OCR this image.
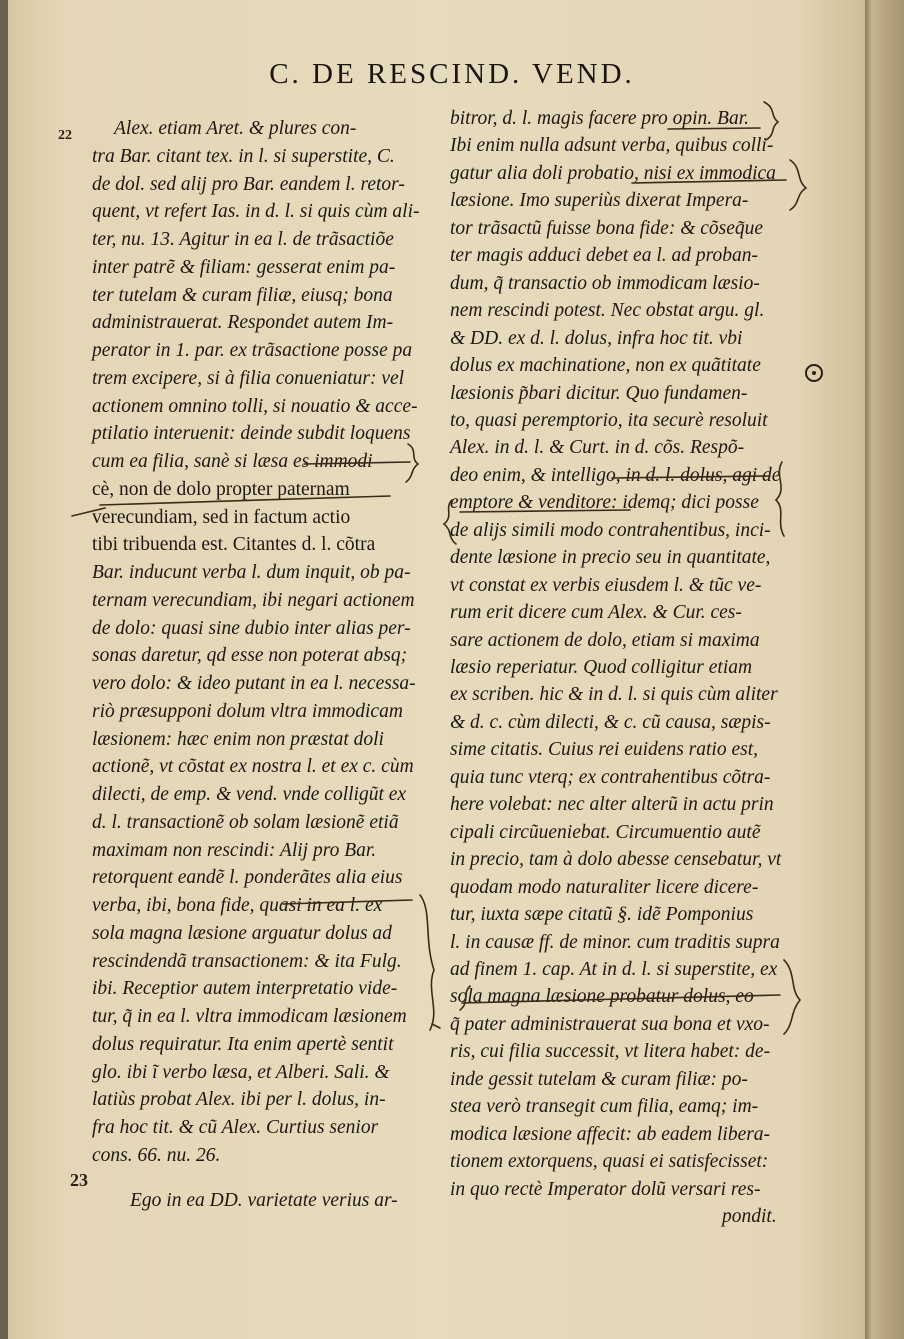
C. DE RESCIND. VEND.
22
23
Alex. etiam Aret. & plures con-
tra Bar. citant tex. in l. si superstite, C.
de dol. sed alij pro Bar. eandem l. retor-
quent, vt refert Ias. in d. l. si quis cùm ali-
ter, nu. 13. Agitur in ea l. de trãsactiõe
inter patrẽ & filiam: gesserat enim pa-
ter tutelam & curam filiæ, eiusq; bona
administrauerat. Respondet autem Im-
perator in 1. par. ex trãsactione posse pa
trem excipere, si à filia conueniatur: vel
actionem omnino tolli, si nouatio & acce-
ptilatio interuenit: deinde subdit loquens
cum ea filia, sanè si læsa es immodi
cè, non de dolo propter paternam
verecundiam, sed in factum actio
tibi tribuenda est. Citantes d. l. cõtra
Bar. inducunt verba l. dum inquit, ob pa-
ternam verecundiam, ibi negari actionem
de dolo: quasi sine dubio inter alias per-
sonas daretur, qd esse non poterat absq;
vero dolo: & ideo putant in ea l. necessa-
riò præsupponi dolum vltra immodicam
læsionem: hæc enim non præstat doli
actionẽ, vt cõstat ex nostra l. et ex c. cùm
dilecti, de emp. & vend. vnde colligũt ex
d. l. transactionẽ ob solam læsionẽ etiã
maximam non rescindi: Alij pro Bar.
retorquent eandẽ l. ponderãtes alia eius
verba, ibi, bona fide, quasi in ea l. ex
sola magna læsione arguatur dolus ad
rescindendã transactionem: & ita Fulg.
ibi. Receptior autem interpretatio vide-
tur, q̃ in ea l. vltra immodicam læsionem
dolus requiratur. Ita enim apertè sentit
glo. ibi ĩ verbo læsa, et Alberi. Sali. &
latiùs probat Alex. ibi per l. dolus, in-
fra hoc tit. & cũ Alex. Curtius senior
cons. 66. nu. 26.
Ego in ea DD. varietate verius ar-
bitror, d. l. magis facere pro opin. Bar.
Ibi enim nulla adsunt verba, quibus colli-
gatur alia doli probatio, nisi ex immodica
læsione. Imo superiùs dixerat Impera-
tor trãsactũ fuisse bona fide: & cõseq̃ue
ter magis adduci debet ea l. ad proban-
dum, q̃ transactio ob immodicam læsio-
nem rescindi potest. Nec obstat argu. gl.
& DD. ex d. l. dolus, infra hoc tit. vbi
dolus ex machinatione, non ex quãtitate
læsionis p̃bari dicitur. Quo fundamen-
to, quasi peremptorio, ita securè resoluit
Alex. in d. l. & Curt. in d. cõs. Respõ-
deo enim, & intelligo, in d. l. dolus, agi de
emptore & venditore: idemq; dici posse
de alijs simili modo contrahentibus, inci-
dente læsione in precio seu in quantitate,
vt constat ex verbis eiusdem l. & tũc ve-
rum erit dicere cum Alex. & Cur. ces-
sare actionem de dolo, etiam si maxima
læsio reperiatur. Quod colligitur etiam
ex scriben. hic & in d. l. si quis cùm aliter
& d. c. cùm dilecti, & c. cũ causa, sæpis-
sime citatis. Cuius rei euidens ratio est,
quia tunc vterq; ex contrahentibus cõtra-
here volebat: nec alter alterũ in actu prin
cipali circũueniebat. Circumuentio autẽ
in precio, tam à dolo abesse censebatur, vt
quodam modo naturaliter licere dicere-
tur, iuxta sæpe citatũ §. idẽ Pomponius
l. in causæ ff. de minor. cum traditis supra
ad finem 1. cap. At in d. l. si superstite, ex
sola magna læsione probatur dolus, eo
q̃ pater administrauerat sua bona et vxo-
ris, cui filia successit, vt litera habet: de-
inde gessit tutelam & curam filiæ: po-
stea verò transegit cum filia, eamq; im-
modica læsione affecit: ab eadem libera-
tionem extorquens, quasi ei satisfecisset:
in quo rectè Imperator dolũ versari res-
pondit.
